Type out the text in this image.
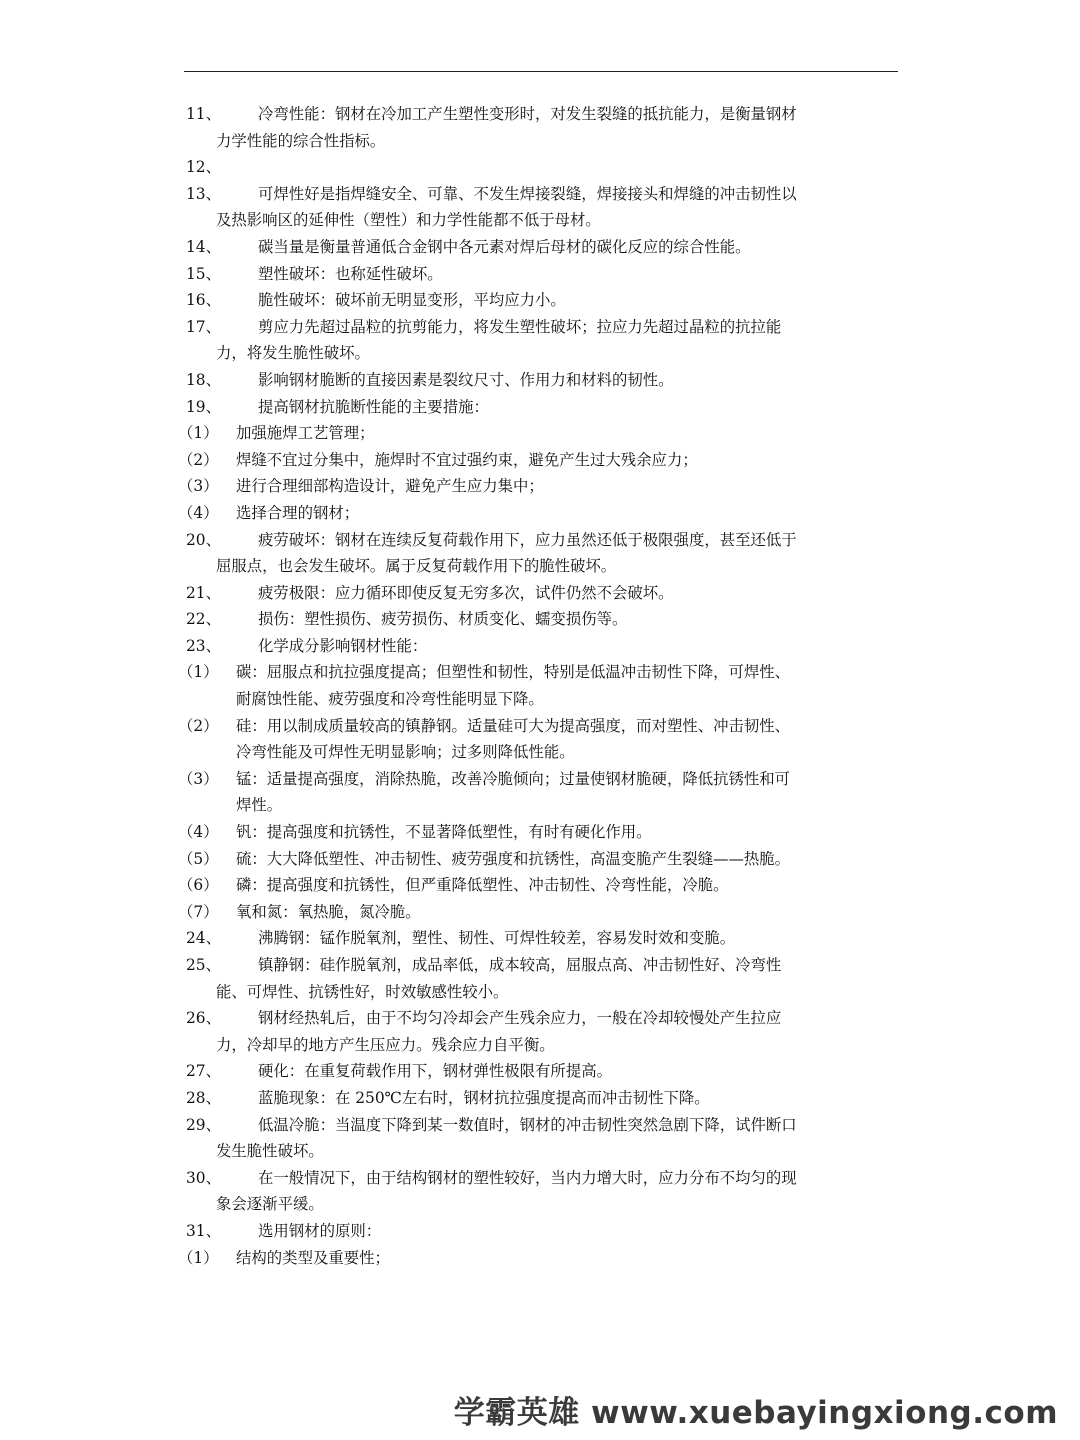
11、	冷弯性能：钢材在冷加工产生塑性变形时，对发生裂缝的抵抗能力，是衡量钢材
力学性能的综合性指标。
12、
13、	可焊性好是指焊缝安全、可靠、不发生焊接裂缝，焊接接头和焊缝的冲击韧性以
及热影响区的延伸性（塑性）和力学性能都不低于母材。
14、	碳当量是衡量普通低合金钢中各元素对焊后母材的碳化反应的综合性能。
15、	塑性破坏：也称延性破坏。
16、	脆性破坏：破坏前无明显变形，平均应力小。
17、	剪应力先超过晶粒的抗剪能力，将发生塑性破坏；拉应力先超过晶粒的抗拉能
力，将发生脆性破坏。
18、	影响钢材脆断的直接因素是裂纹尺寸、作用力和材料的韧性。
19、	提高钢材抗脆断性能的主要措施：
（1）	加强施焊工艺管理；
（2）	焊缝不宜过分集中，施焊时不宜过强约束，避免产生过大残余应力；
（3）	进行合理细部构造设计，避免产生应力集中；
（4）	选择合理的钢材；
20、	疲劳破坏：钢材在连续反复荷载作用下，应力虽然还低于极限强度，甚至还低于
屈服点，也会发生破坏。属于反复荷载作用下的脆性破坏。
21、	疲劳极限：应力循环即使反复无穷多次，试件仍然不会破坏。
22、	损伤：塑性损伤、疲劳损伤、材质变化、蠕变损伤等。
23、	化学成分影响钢材性能：
（1）	碳：屈服点和抗拉强度提高；但塑性和韧性，特别是低温冲击韧性下降，可焊性、
耐腐蚀性能、疲劳强度和冷弯性能明显下降。
（2）	硅：用以制成质量较高的镇静钢。适量硅可大为提高强度，而对塑性、冲击韧性、
冷弯性能及可焊性无明显影响；过多则降低性能。
（3）	锰：适量提高强度，消除热脆，改善冷脆倾向；过量使钢材脆硬，降低抗锈性和可
焊性。
（4）	钒：提高强度和抗锈性，不显著降低塑性，有时有硬化作用。
（5）	硫：大大降低塑性、冲击韧性、疲劳强度和抗锈性，高温变脆产生裂缝——热脆。
（6）	磷：提高强度和抗锈性，但严重降低塑性、冲击韧性、冷弯性能，冷脆。
（7）	氧和氮：氧热脆，氮冷脆。
24、	沸腾钢：锰作脱氧剂，塑性、韧性、可焊性较差，容易发时效和变脆。
25、	镇静钢：硅作脱氧剂，成品率低，成本较高，屈服点高、冲击韧性好、冷弯性
能、可焊性、抗锈性好，时效敏感性较小。
26、	钢材经热轧后，由于不均匀冷却会产生残余应力，一般在冷却较慢处产生拉应
力，冷却早的地方产生压应力。残余应力自平衡。
27、	硬化：在重复荷载作用下，钢材弹性极限有所提高。
28、	蓝脆现象：在 250℃左右时，钢材抗拉强度提高而冲击韧性下降。
29、	低温冷脆：当温度下降到某一数值时，钢材的冲击韧性突然急剧下降，试件断口
发生脆性破坏。
30、	在一般情况下，由于结构钢材的塑性较好，当内力增大时，应力分布不均匀的现
象会逐渐平缓。
31、	选用钢材的原则：
（1）	结构的类型及重要性；
学霸英雄 www.xuebayingxiong.com
